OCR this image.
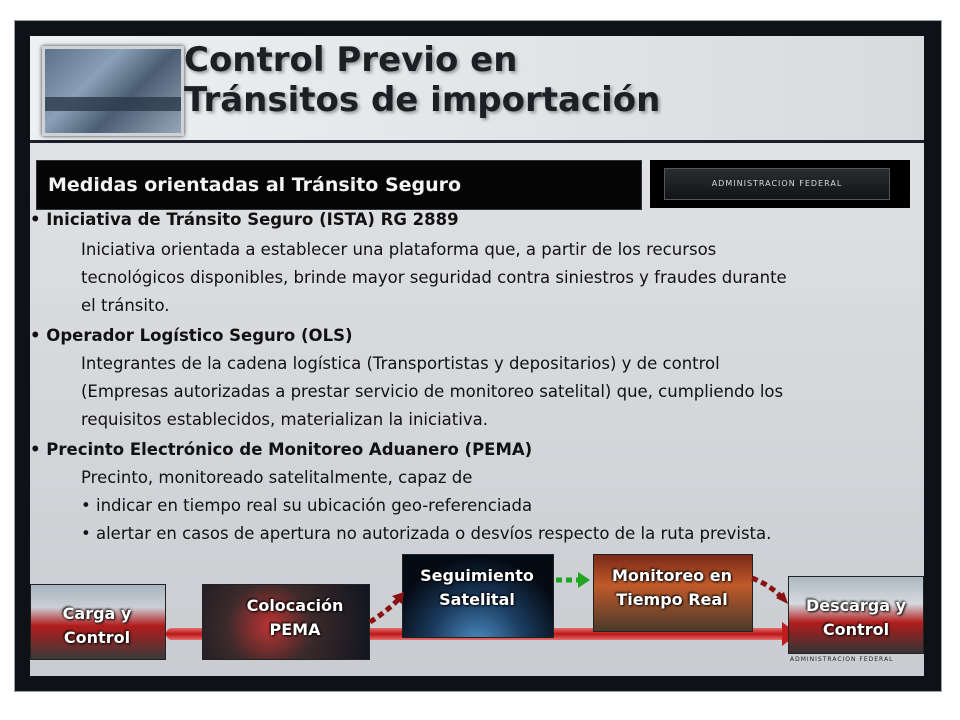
Control Previo en
Tránsitos de importación
Medidas orientadas al Tránsito Seguro	ADMINISTRACION FEDERAL
• Iniciativa de Tránsito Seguro (ISTA) RG 2889
Iniciativa orientada a establecer una plataforma que, a partir de los recursos
tecnológicos disponibles, brinde mayor seguridad contra siniestros y fraudes durante
el tránsito.
• Operador Logístico Seguro (OLS)
Integrantes de la cadena logística (Transportistas y depositarios) y de control
(Empresas autorizadas a prestar servicio de monitoreo satelital) que, cumpliendo los
requisitos establecidos, materializan la iniciativa.
• Precinto Electrónico de Monitoreo Aduanero (PEMA)
Precinto, monitoreado satelitalmente, capaz de
• indicar en tiempo real su ubicación geo-referenciada
• alertar en casos de apertura no autorizada o desvíos respecto de la ruta prevista.
Carga y Control
Colocación PEMA
Seguimiento Satelital
Monitoreo en Tiempo Real	Descarga y Control
ADMINISTRACION FEDERAL
